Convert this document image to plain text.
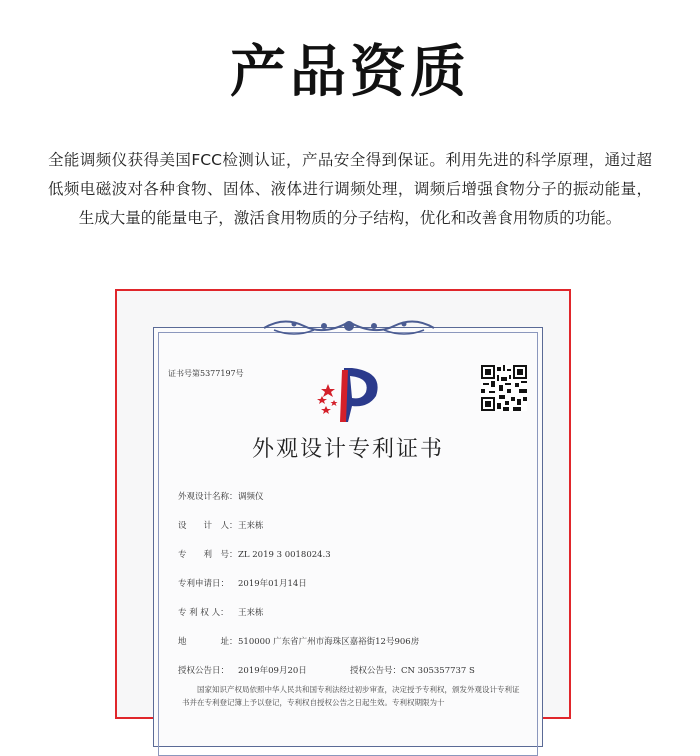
产品资质
全能调频仪获得美国FCC检测认证，产品安全得到保证。利用先进的科学原理，通过超低频电磁波对各种食物、固体、液体进行调频处理，调频后增强食物分子的振动能量，生成大量的能量电子，激活食用物质的分子结构，优化和改善食用物质的功能。
证书号第5377197号
外观设计专利证书
外观设计名称：调频仪
设　　计　人：王来栋
专　　利　号：ZL 2019 3 0018024.3
专利申请日： 2019年01月14日
专 利 权 人： 王来栋
地　　　　址：510000 广东省广州市海珠区嘉裕街12号906房
授权公告日： 2019年09月20日	授权公告号：CN 305357737 S
国家知识产权局依照中华人民共和国专利法经过初步审查，决定授予专利权，颁发外观设计专利证书并在专利登记簿上予以登记，专利权自授权公告之日起生效。专利权期限为十
